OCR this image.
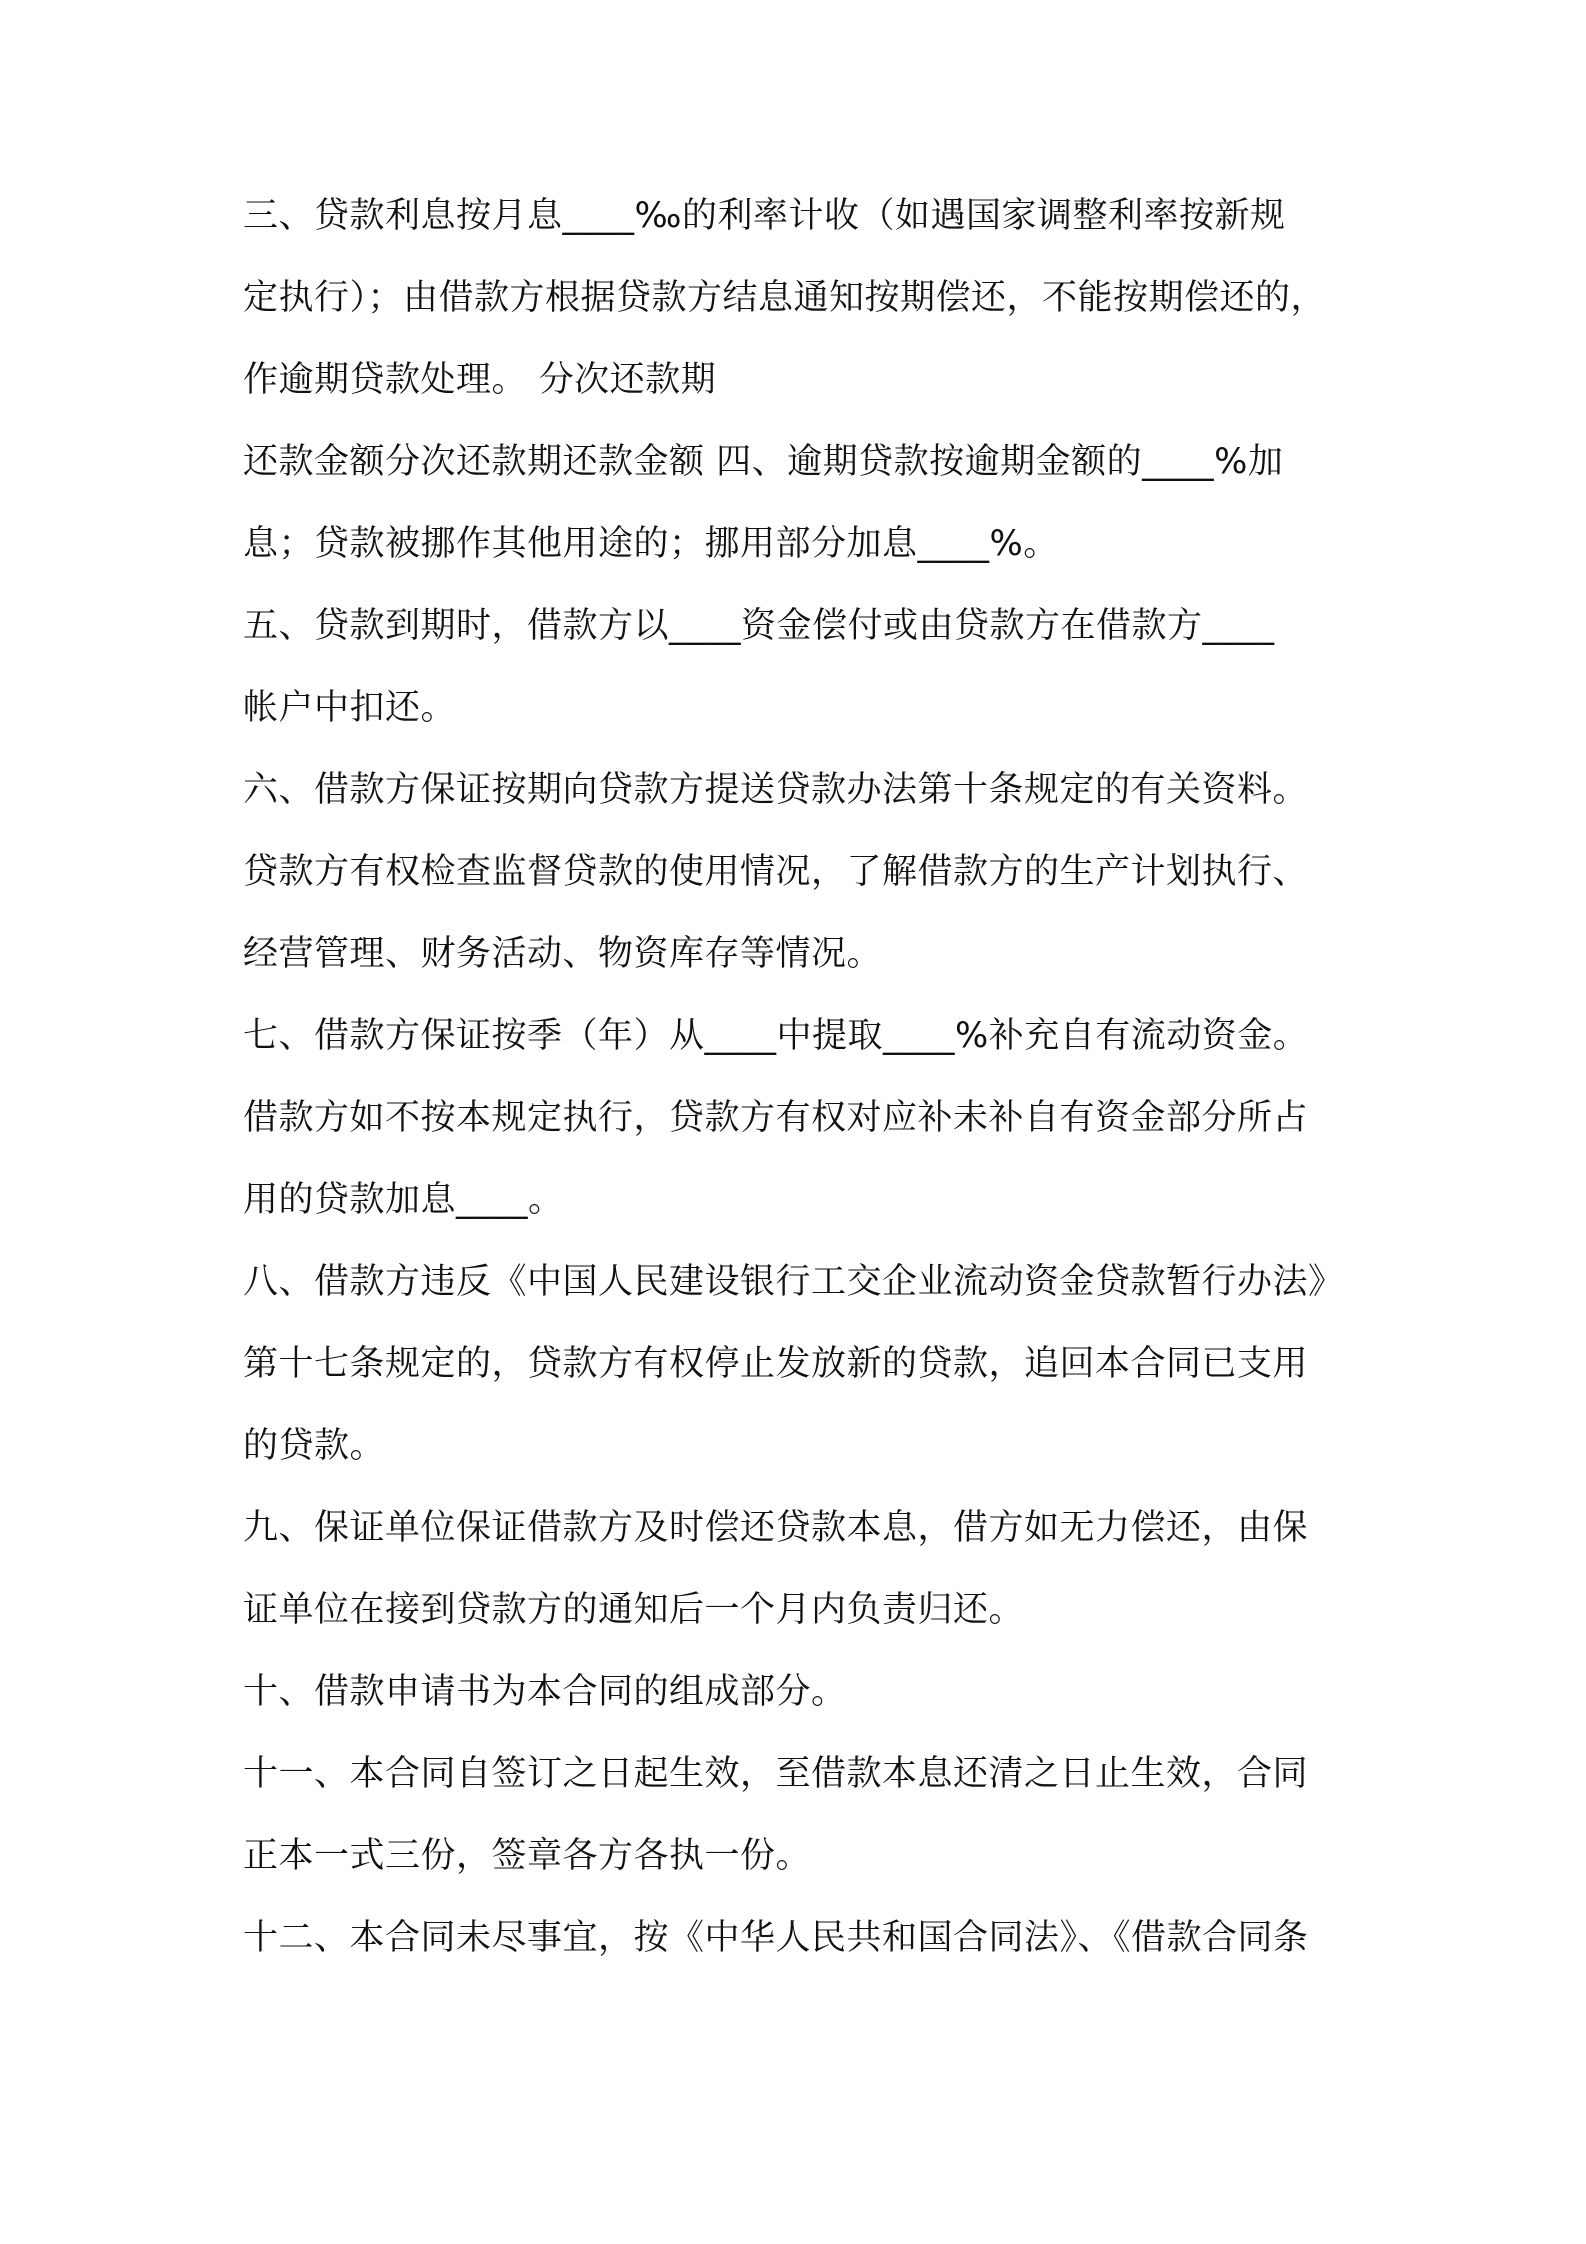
三、贷款利息按月息____‰的利率计收（如遇国家调整利率按新规
定执行）；由借款方根据贷款方结息通知按期偿还，不能按期偿还的，
作逾期贷款处理。 分次还款期
还款金额分次还款期还款金额 四、逾期贷款按逾期金额的____%加
息；贷款被挪作其他用途的；挪用部分加息____%。
五、贷款到期时，借款方以____资金偿付或由贷款方在借款方____
帐户中扣还。
六、借款方保证按期向贷款方提送贷款办法第十条规定的有关资料。
贷款方有权检查监督贷款的使用情况，了解借款方的生产计划执行、
经营管理、财务活动、物资库存等情况。
七、借款方保证按季（年）从____中提取____%补充自有流动资金。
借款方如不按本规定执行，贷款方有权对应补未补自有资金部分所占
用的贷款加息____。
八、借款方违反《中国人民建设银行工交企业流动资金贷款暂行办法》
第十七条规定的，贷款方有权停止发放新的贷款，追回本合同已支用
的贷款。
九、保证单位保证借款方及时偿还贷款本息，借方如无力偿还，由保
证单位在接到贷款方的通知后一个月内负责归还。
十、借款申请书为本合同的组成部分。
十一、本合同自签订之日起生效，至借款本息还清之日止生效，合同
正本一式三份，签章各方各执一份。
十二、本合同未尽事宜，按《中华人民共和国合同法》、《借款合同条
